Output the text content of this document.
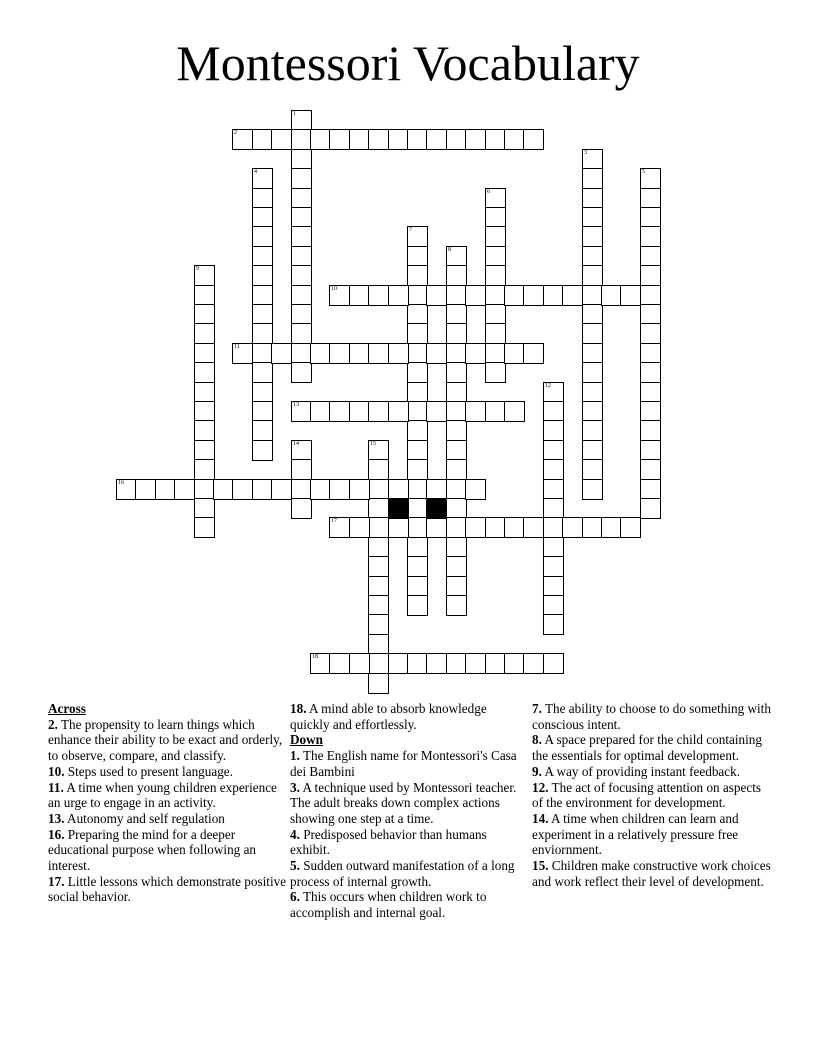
Montessori Vocabulary
1
2
3
4	5
6
7
8
9
10
11
12
13
14	15
16
17
18
Across
2. The propensity to learn things which enhance their ability to be exact and orderly, to observe, compare, and classify.
10. Steps used to present language.
11. A time when young children experience an urge to engage in an activity.
13. Autonomy and self regulation
16. Preparing the mind for a deeper educational purpose when following an interest.
17. Little lessons which demonstrate positive social behavior.
18. A mind able to absorb knowledge quickly and effortlessly.
Down
1. The English name for Montessori's Casa dei Bambini
3. A technique used by Montessori teacher. The adult breaks down complex actions showing one step at a time.
4. Predisposed behavior than humans exhibit.
5. Sudden outward manifestation of a long process of internal growth.
6. This occurs when children work to accomplish and internal goal.
7. The ability to choose to do something with conscious intent.
8. A space prepared for the child containing the essentials for optimal development.
9. A way of providing instant feedback.
12. The act of focusing attention on aspects of the environment for development.
14. A time when children can learn and experiment in a relatively pressure free enviornment.
15. Children make constructive work choices and work reflect their level of development.
